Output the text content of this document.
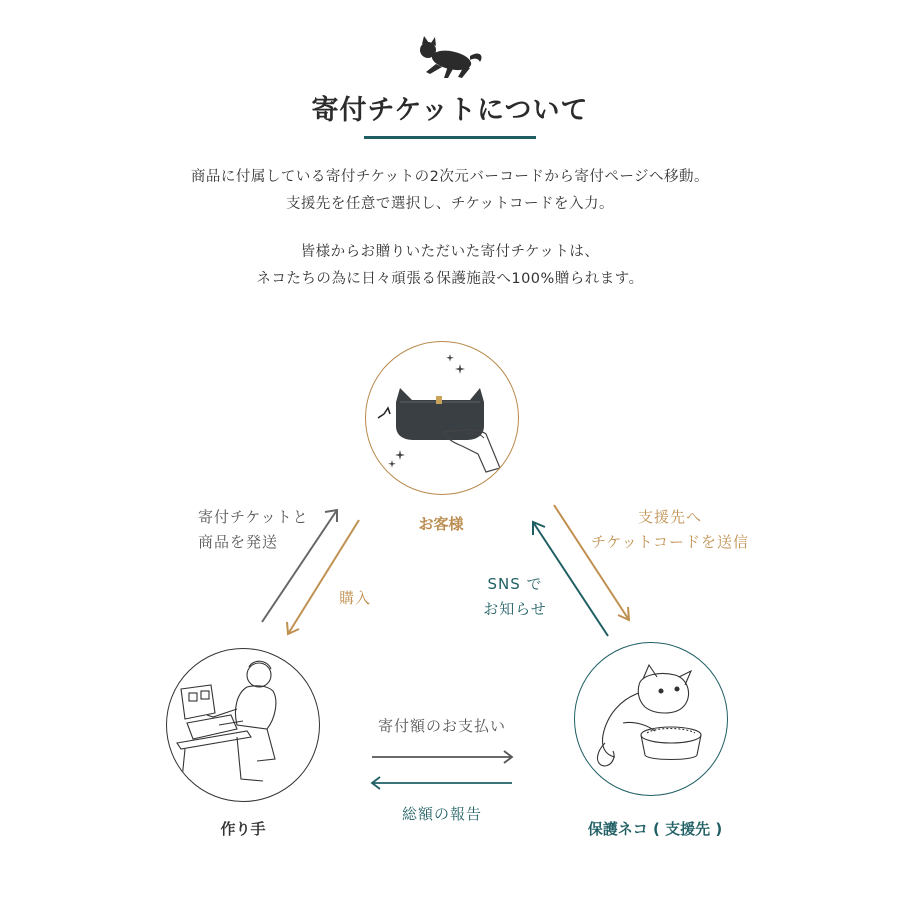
寄付チケットについて
商品に付属している寄付チケットの2次元バーコードから寄付ページへ移動。
支援先を任意で選択し、チケットコードを入力。
皆様からお贈りいただいた寄付チケットは、
ネコたちの為に日々頑張る保護施設へ100%贈られます。
お客様
作り手	保護ネコ ( 支援先 )
寄付チケットと
商品を発送
購入
支援先へ
チケットコードを送信
SNS で
お知らせ
寄付額のお支払い
総額の報告
